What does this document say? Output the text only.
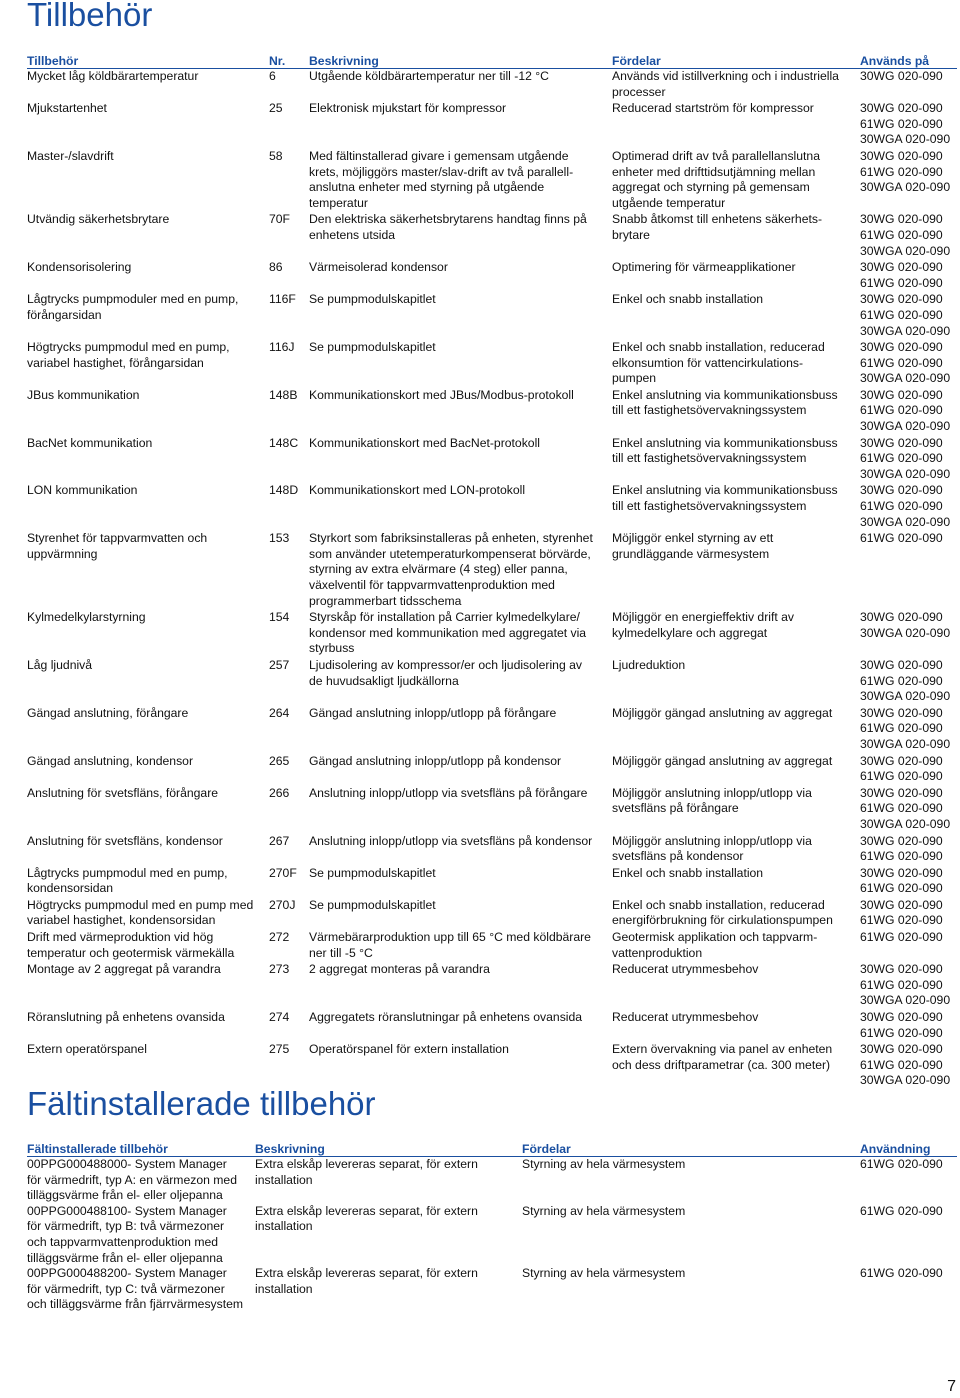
Tillbehör
Tillbehör	Nr.	Beskrivning	Fördelar	Används på
Mycket låg köldbärartemperatur	6	Utgående köldbärartemperatur ner till -12 °C	Används vid istillverkning och i industriella
processer	30WG 020-090
Mjukstartenhet	25	Elektronisk mjukstart för kompressor	Reducerad startström för kompressor	30WG 020-090
61WG 020-090
30WGA 020-090
Master-/slavdrift	58	Med fältinstallerad givare i gemensam utgående
krets, möjliggörs master/slav-drift av två parallell-
anslutna enheter med styrning på utgående
temperatur	Optimerad drift av två parallellanslutna
enheter med drifttidsutjämning mellan
aggregat och styrning på gemensam
utgående temperatur	30WG 020-090
61WG 020-090
30WGA 020-090
Utvändig säkerhetsbrytare	70F	Den elektriska säkerhetsbrytarens handtag finns på
enhetens utsida	Snabb åtkomst till enhetens säkerhets-
brytare	30WG 020-090
61WG 020-090
30WGA 020-090
Kondensorisolering	86	Värmeisolerad kondensor	Optimering för värmeapplikationer	30WG 020-090
61WG 020-090
Lågtrycks pumpmoduler med en pump,
förångarsidan	116F	Se pumpmodulskapitlet	Enkel och snabb installation	30WG 020-090
61WG 020-090
30WGA 020-090
Högtrycks pumpmodul med en pump,
variabel hastighet, förångarsidan	116J	Se pumpmodulskapitlet	Enkel och snabb installation, reducerad
elkonsumtion för vattencirkulations-
pumpen	30WG 020-090
61WG 020-090
30WGA 020-090
JBus kommunikation	148B	Kommunikationskort med JBus/Modbus-protokoll	Enkel anslutning via kommunikationsbuss
till ett fastighetsövervakningssystem	30WG 020-090
61WG 020-090
30WGA 020-090
BacNet kommunikation	148C	Kommunikationskort med BacNet-protokoll	Enkel anslutning via kommunikationsbuss
till ett fastighetsövervakningssystem	30WG 020-090
61WG 020-090
30WGA 020-090
LON kommunikation	148D	Kommunikationskort med LON-protokoll	Enkel anslutning via kommunikationsbuss
till ett fastighetsövervakningssystem	30WG 020-090
61WG 020-090
30WGA 020-090
Styrenhet för tappvarmvatten och
uppvärmning	153	Styrkort som fabriksinstalleras på enheten, styrenhet
som använder utetemperaturkompenserat börvärde,
styrning av extra elvärmare (4 steg) eller panna,
växelventil för tappvarmvattenproduktion med
programmerbart tidsschema	Möjliggör enkel styrning av ett
grundläggande värmesystem	61WG 020-090
Kylmedelkylarstyrning	154	Styrskåp för installation på Carrier kylmedelkylare/
kondensor med kommunikation med aggregatet via
styrbuss	Möjliggör en energieffektiv drift av
kylmedelkylare och aggregat	30WG 020-090
30WGA 020-090
Låg ljudnivå	257	Ljudisolering av kompressor/er och ljudisolering av
de huvudsakligt ljudkällorna	Ljudreduktion	30WG 020-090
61WG 020-090
30WGA 020-090
Gängad anslutning, förångare	264	Gängad anslutning inlopp/utlopp på förångare	Möjliggör gängad anslutning av aggregat	30WG 020-090
61WG 020-090
30WGA 020-090
Gängad anslutning, kondensor	265	Gängad anslutning inlopp/utlopp på kondensor	Möjliggör gängad anslutning av aggregat	30WG 020-090
61WG 020-090
Anslutning för svetsfläns, förångare	266	Anslutning inlopp/utlopp via svetsfläns på förångare	Möjliggör anslutning inlopp/utlopp via
svetsfläns på förångare	30WG 020-090
61WG 020-090
30WGA 020-090
Anslutning för svetsfläns, kondensor	267	Anslutning inlopp/utlopp via svetsfläns på kondensor	Möjliggör anslutning inlopp/utlopp via
svetsfläns på kondensor	30WG 020-090
61WG 020-090
Lågtrycks pumpmodul med en pump,
kondensorsidan	270F	Se pumpmodulskapitlet	Enkel och snabb installation	30WG 020-090
61WG 020-090
Högtrycks pumpmodul med en pump med
variabel hastighet, kondensorsidan	270J	Se pumpmodulskapitlet	Enkel och snabb installation, reducerad
energiförbrukning för cirkulationspumpen	30WG 020-090
61WG 020-090
Drift med värmeproduktion vid hög
temperatur och geotermisk värmekälla	272	Värmebärarproduktion upp till 65 °C med köldbärare
ner till -5 °C	Geotermisk applikation och tappvarm-
vattenproduktion	61WG 020-090
Montage av 2 aggregat på varandra	273	2 aggregat monteras på varandra	Reducerat utrymmesbehov	30WG 020-090
61WG 020-090
30WGA 020-090
Röranslutning på enhetens ovansida	274	Aggregatets röranslutningar på enhetens ovansida	Reducerat utrymmesbehov	30WG 020-090
61WG 020-090
Extern operatörspanel	275	Operatörspanel för extern installation	Extern övervakning via panel av enheten
och dess driftparametrar (ca. 300 meter)	30WG 020-090
61WG 020-090
30WGA 020-090
Fältinstallerade tillbehör
Fältinstallerade tillbehör	Beskrivning	Fördelar	Användning
00PPG000488000- System Manager
för värmedrift, typ A: en värmezon med
tilläggsvärme från el- eller oljepanna	Extra elskåp levereras separat, för extern
installation	Styrning av hela värmesystem	61WG 020-090
00PPG000488100- System Manager
för värmedrift, typ B: två värmezoner
och tappvarmvattenproduktion med
tilläggsvärme från el- eller oljepanna	Extra elskåp levereras separat, för extern
installation	Styrning av hela värmesystem	61WG 020-090
00PPG000488200- System Manager
för värmedrift, typ C: två värmezoner
och tilläggsvärme från fjärrvärmesystem	Extra elskåp levereras separat, för extern
installation	Styrning av hela värmesystem	61WG 020-090
7
